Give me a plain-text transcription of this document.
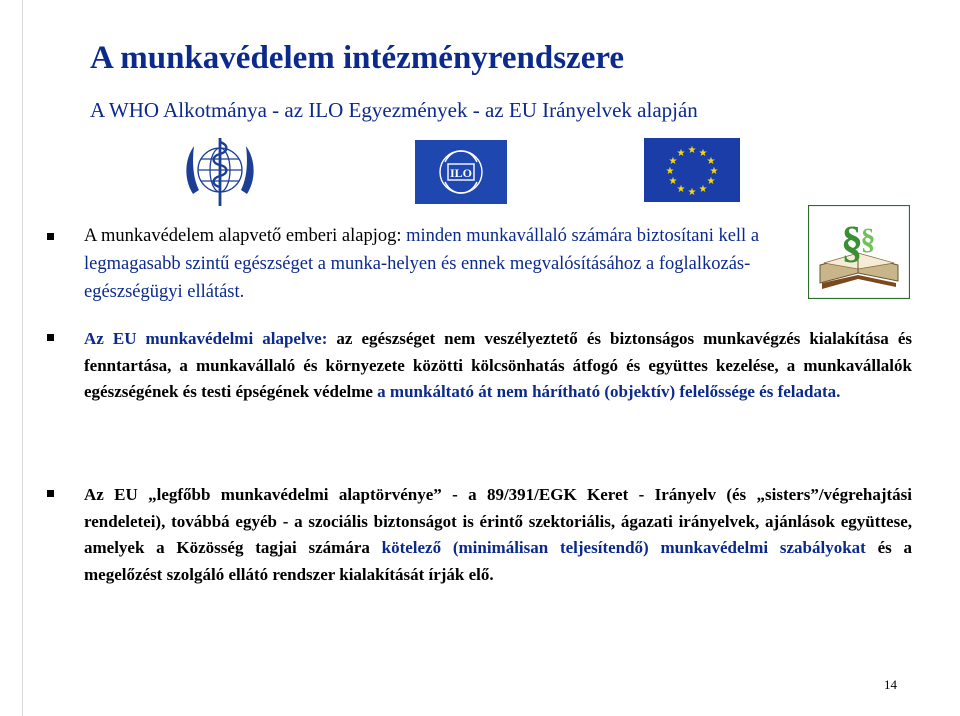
A munkavédelem intézményrendszere
A WHO Alkotmánya - az ILO Egyezmények - az EU Irányelvek alapján
ILO
★ ★
★
★
★
★
★
★
★
★
★
★
§
§

A munkavédelem alapvető emberi alapjog: minden munkavállaló számára biztosítani kell a legmagasabb szintű egészséget a munka-helyen és ennek megvalósításához a foglalkozás- egészségügyi ellátást.

Az EU munkavédelmi alapelve: az egészséget nem veszélyeztető és biztonságos munkavégzés kialakítása és fenntartása, a munkavállaló és környezete közötti kölcsönhatás átfogó és együttes kezelése, a munkavállalók egészségének és testi épségének védelme a munkáltató át nem hárítható (objektív) felelőssége és feladata.

Az EU „legfőbb munkavédelmi alaptörvénye” - a 89/391/EGK Keret - Irányelv (és „sisters”/végrehajtási rendeletei), továbbá egyéb - a szociális biztonságot is érintő szektoriális, ágazati irányelvek, ajánlások együttese, amelyek a Közösség tagjai számára kötelező (minimálisan teljesítendő) munkavédelmi szabályokat és a megelőzést szolgáló ellátó rendszer kialakítását írják elő.

14
